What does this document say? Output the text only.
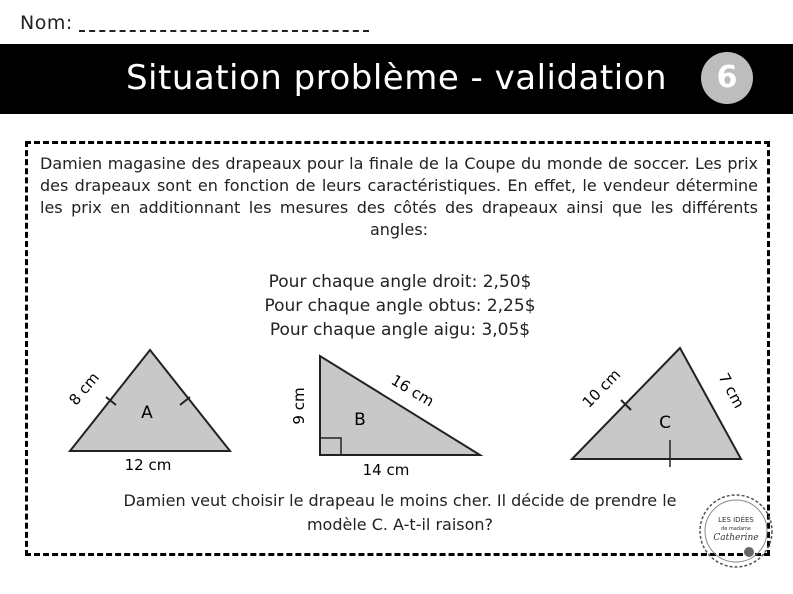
Nom:
Situation problème - validation	6
Damien magasine des drapeaux pour la finale de la Coupe du monde de soccer. Les prix des drapeaux sont en fonction de leurs caractéristiques. En effet, le vendeur détermine les prix en additionnant les mesures des côtés des drapeaux ainsi que les différents angles:
Pour chaque angle droit: 2,50$
Pour chaque angle obtus: 2,25$
Pour chaque angle aigu: 3,05$
A
8 cm
12 cm
B
9 cm	16 cm
14 cm
C
10 cm	7 cm
Damien veut choisir le drapeau le moins cher. Il décide de prendre le modèle C. A-t-il raison?	LES IDÉES
de madame
Catherine
